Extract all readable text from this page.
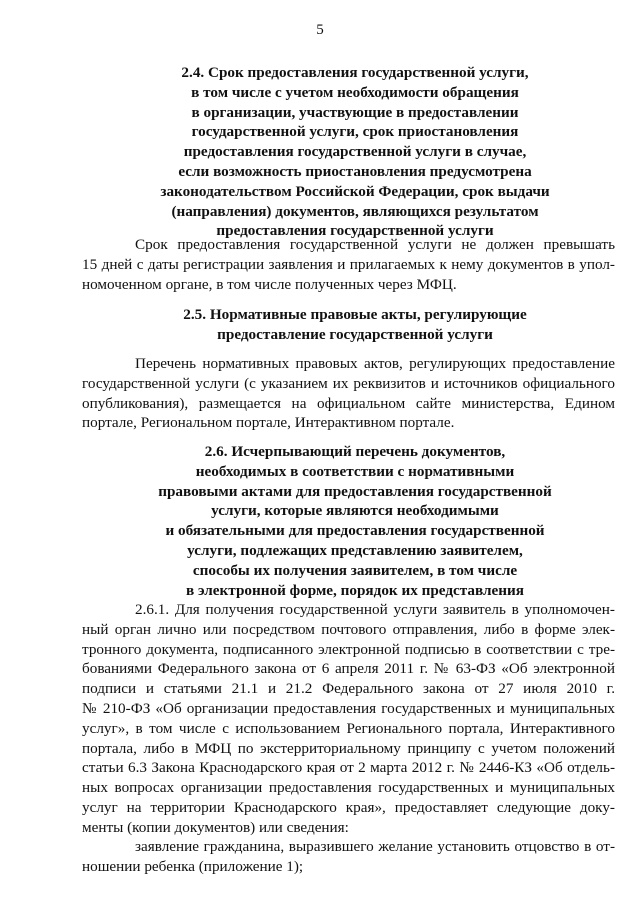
5
2.4. Срок предоставления государственной услуги,
в том числе с учетом необходимости обращения
в организации, участвующие в предоставлении
государственной услуги, срок приостановления
предоставления государственной услуги в случае,
если возможность приостановления предусмотрена
законодательством Российской Федерации, срок выдачи
(направления) документов, являющихся результатом
предоставления государственной услуги
Срок предоставления государственной услуги не должен превышать
15 дней с даты регистрации заявления и прилагаемых к нему документов в упол-
номоченном органе, в том числе полученных через МФЦ.
2.5. Нормативные правовые акты, регулирующие
предоставление государственной услуги
Перечень нормативных правовых актов, регулирующих предоставление
государственной услуги (с указанием их реквизитов и источников официального
опубликования), размещается на официальном сайте министерства, Едином
портале, Региональном портале, Интерактивном портале.
2.6. Исчерпывающий перечень документов,
необходимых в соответствии с нормативными
правовыми актами для предоставления государственной
услуги, которые являются необходимыми
и обязательными для предоставления государственной
услуги, подлежащих представлению заявителем,
способы их получения заявителем, в том числе
в электронной форме, порядок их представления
2.6.1. Для получения государственной услуги заявитель в уполномочен-
ный орган лично или посредством почтового отправления, либо в форме элек-
тронного документа, подписанного электронной подписью в соответствии с тре-
бованиями Федерального закона от 6 апреля 2011 г. № 63-ФЗ «Об электронной
подписи и статьями 21.1 и 21.2 Федерального закона от 27 июля 2010 г.
№ 210-ФЗ «Об организации предоставления государственных и муниципальных
услуг», в том числе с использованием Регионального портала, Интерактивного
портала, либо в МФЦ по экстерриториальному принципу с учетом положений
статьи 6.3 Закона Краснодарского края от 2 марта 2012 г. № 2446-КЗ «Об отдель-
ных вопросах организации предоставления государственных и муниципальных
услуг на территории Краснодарского края», предоставляет следующие доку-
менты (копии документов) или сведения:
заявление гражданина, выразившего желание установить отцовство в от-
ношении ребенка (приложение 1);
